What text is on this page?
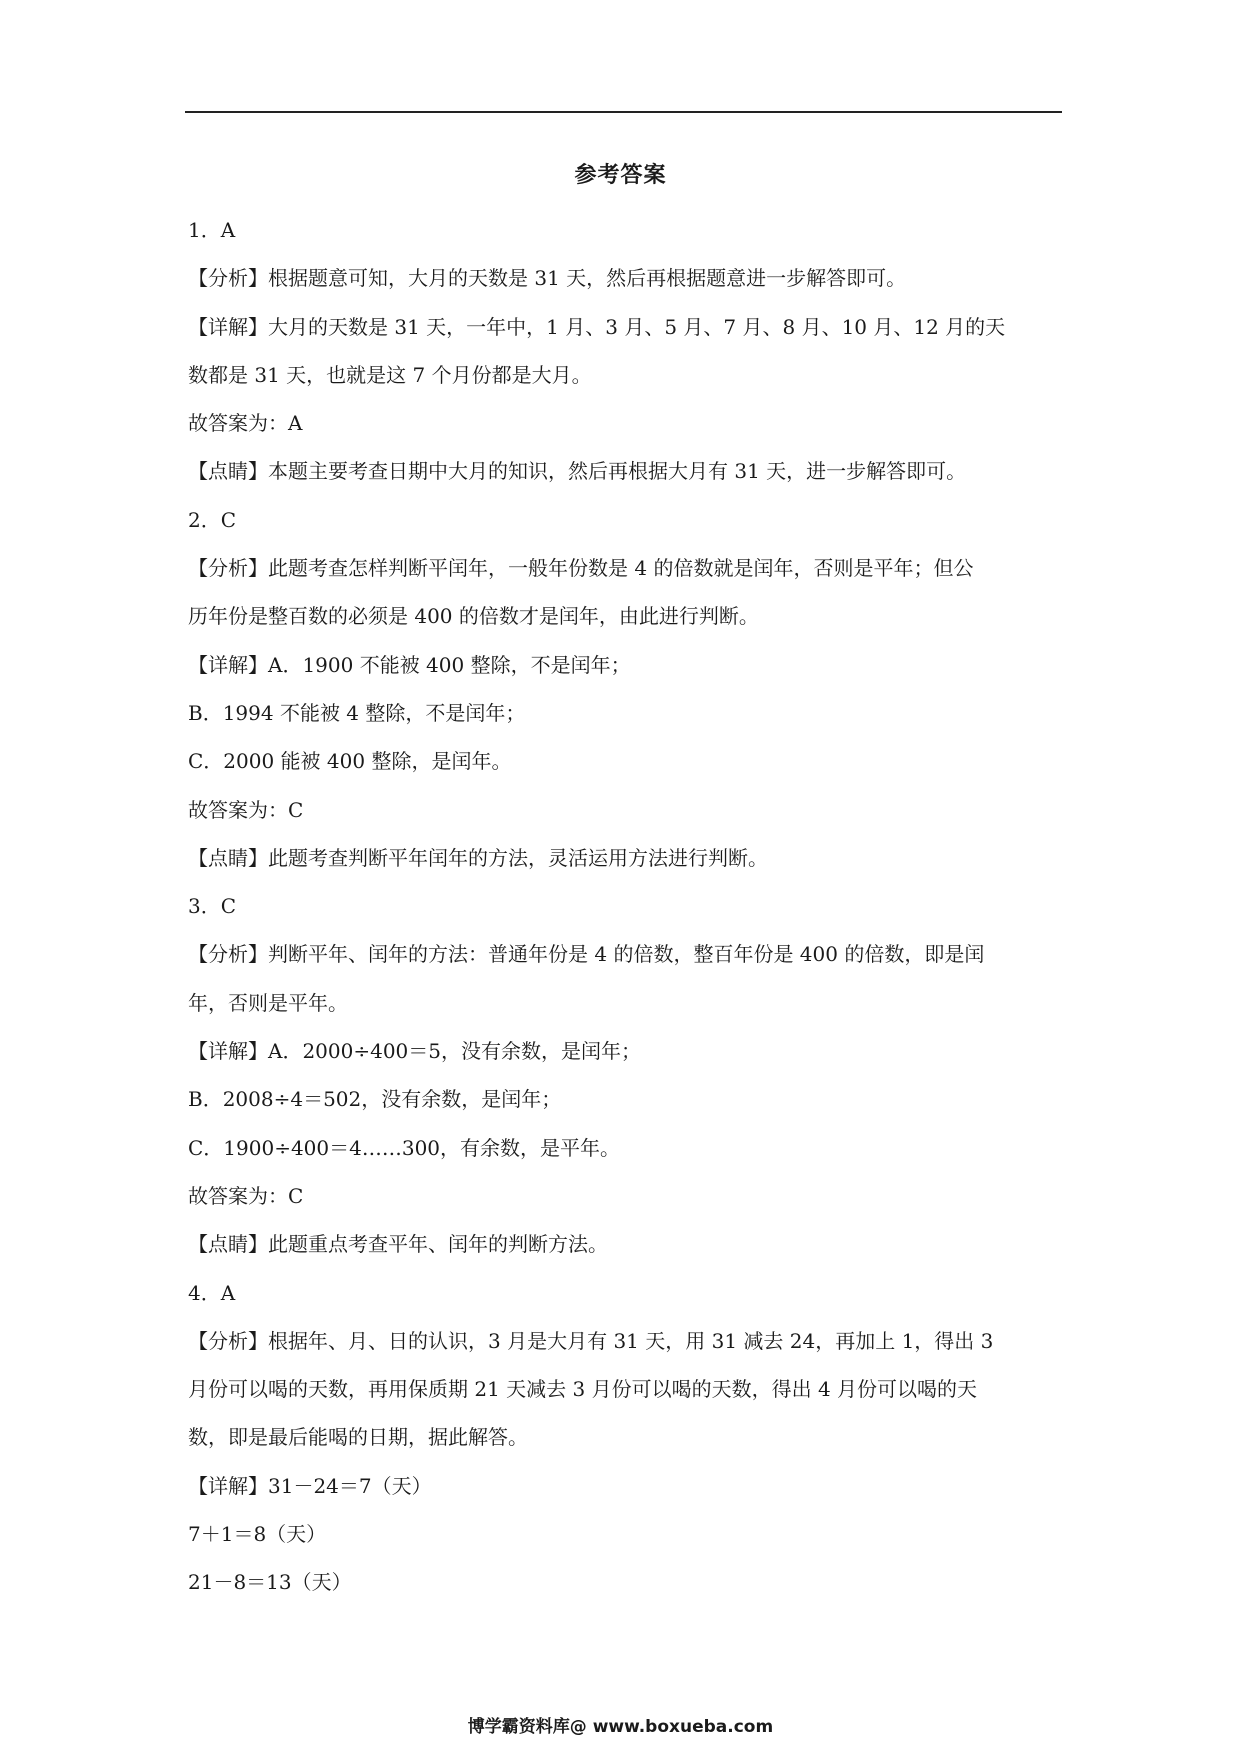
参考答案
1．A
【分析】根据题意可知，大月的天数是 31 天，然后再根据题意进一步解答即可。
【详解】大月的天数是 31 天，一年中，1 月、3 月、5 月、7 月、8 月、10 月、12 月的天
数都是 31 天，也就是这 7 个月份都是大月。
故答案为：A
【点睛】本题主要考查日期中大月的知识，然后再根据大月有 31 天，进一步解答即可。
2．C
【分析】此题考查怎样判断平闰年，一般年份数是 4 的倍数就是闰年，否则是平年；但公
历年份是整百数的必须是 400 的倍数才是闰年，由此进行判断。
【详解】A．1900 不能被 400 整除，不是闰年；
B．1994 不能被 4 整除，不是闰年；
C．2000 能被 400 整除，是闰年。
故答案为：C
【点睛】此题考查判断平年闰年的方法，灵活运用方法进行判断。
3．C
【分析】判断平年、闰年的方法：普通年份是 4 的倍数，整百年份是 400 的倍数，即是闰
年，否则是平年。
【详解】A．2000÷400＝5，没有余数，是闰年；
B．2008÷4＝502，没有余数，是闰年；
C．1900÷400＝4……300，有余数，是平年。
故答案为：C
【点睛】此题重点考查平年、闰年的判断方法。
4．A
【分析】根据年、月、日的认识，3 月是大月有 31 天，用 31 减去 24，再加上 1，得出 3
月份可以喝的天数，再用保质期 21 天减去 3 月份可以喝的天数，得出 4 月份可以喝的天
数，即是最后能喝的日期，据此解答。
【详解】31－24＝7（天）
7＋1＝8（天）
21－8＝13（天）
博学霸资料库@ www.boxueba.com
